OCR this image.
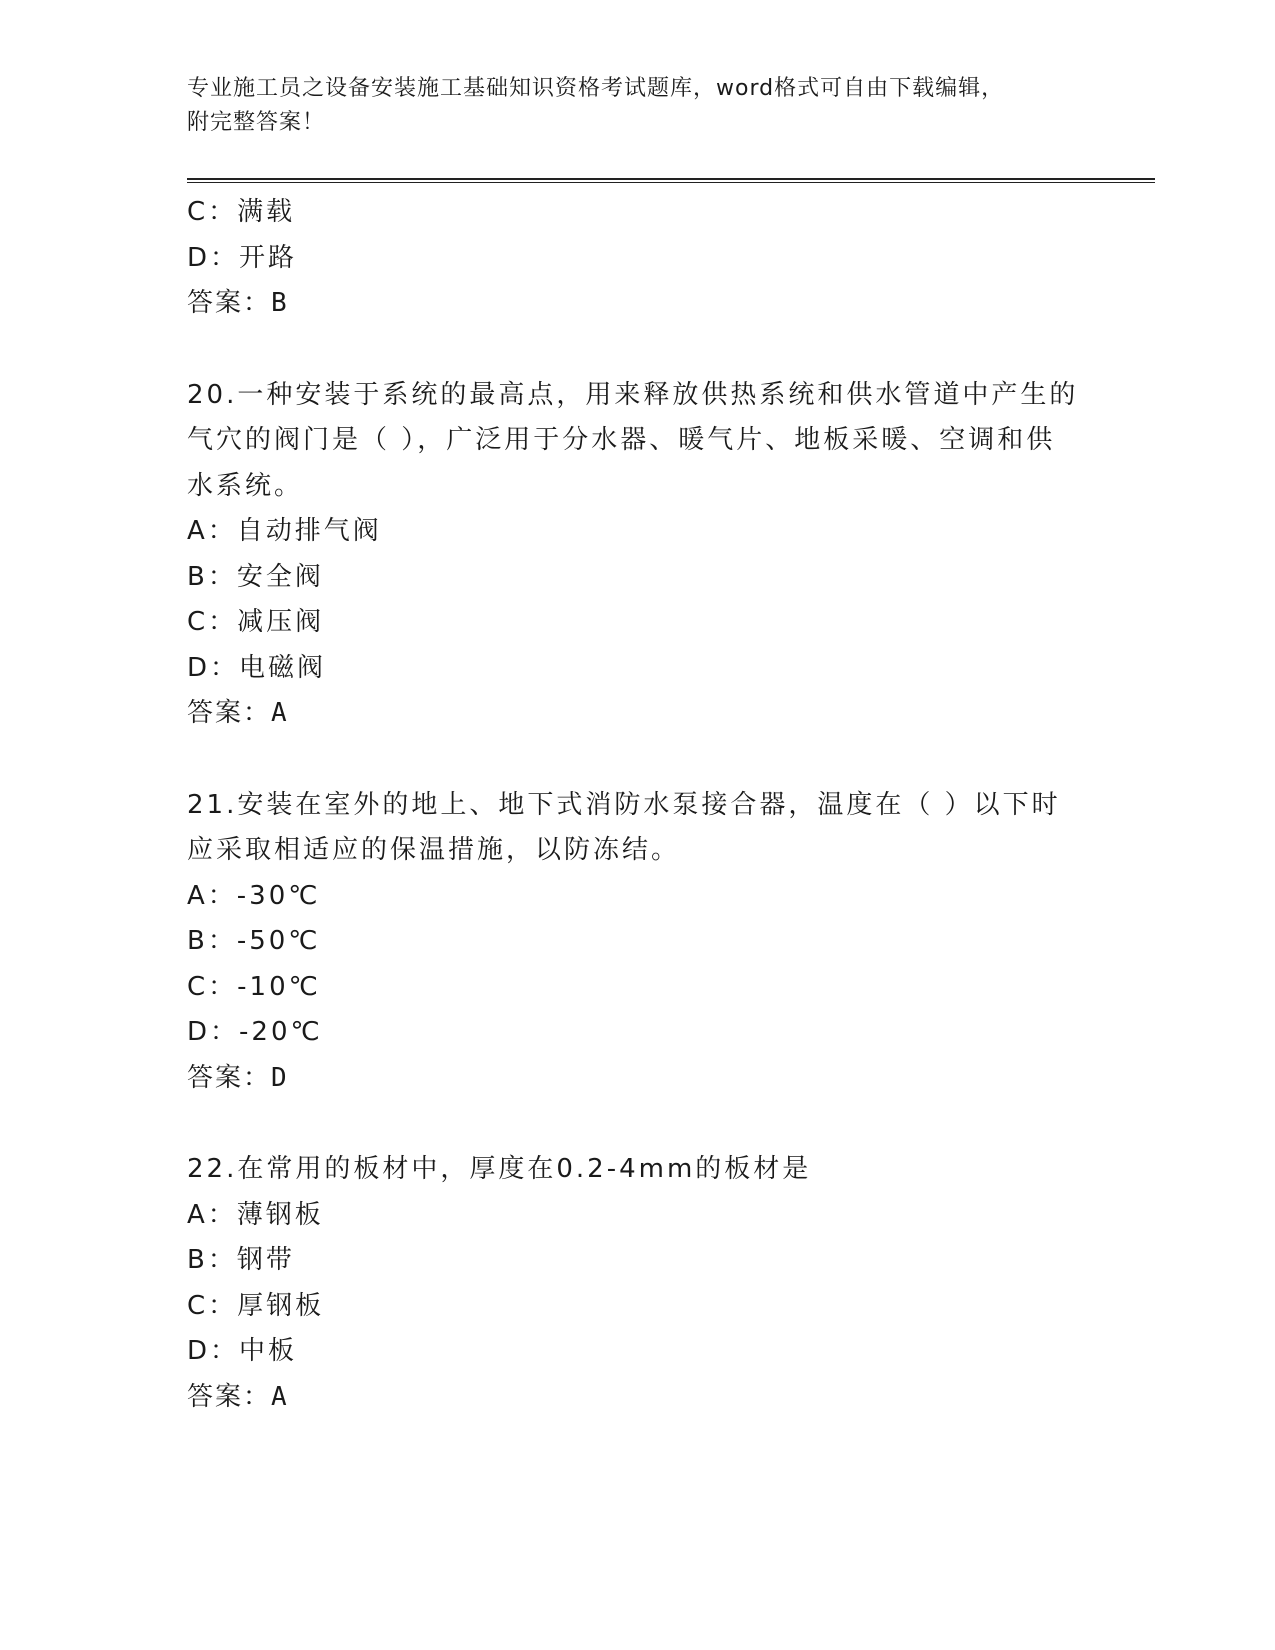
专业施工员之设备安装施工基础知识资格考试题库，word格式可自由下载编辑，
附完整答案！
C：满载
D：开路
答案：B
20.一种安装于系统的最高点，用来释放供热系统和供水管道中产生的
气穴的阀门是（ ），广泛用于分水器、暖气片、地板采暖、空调和供
水系统。
A：自动排气阀
B：安全阀
C：减压阀
D：电磁阀
答案：A
21.安装在室外的地上、地下式消防水泵接合器，温度在（ ）以下时
应采取相适应的保温措施，以防冻结。
A：-30℃
B：-50℃
C：-10℃
D：-20℃
答案：D
22.在常用的板材中，厚度在0.2-4mm的板材是
A：薄钢板
B：钢带
C：厚钢板
D：中板
答案：A
